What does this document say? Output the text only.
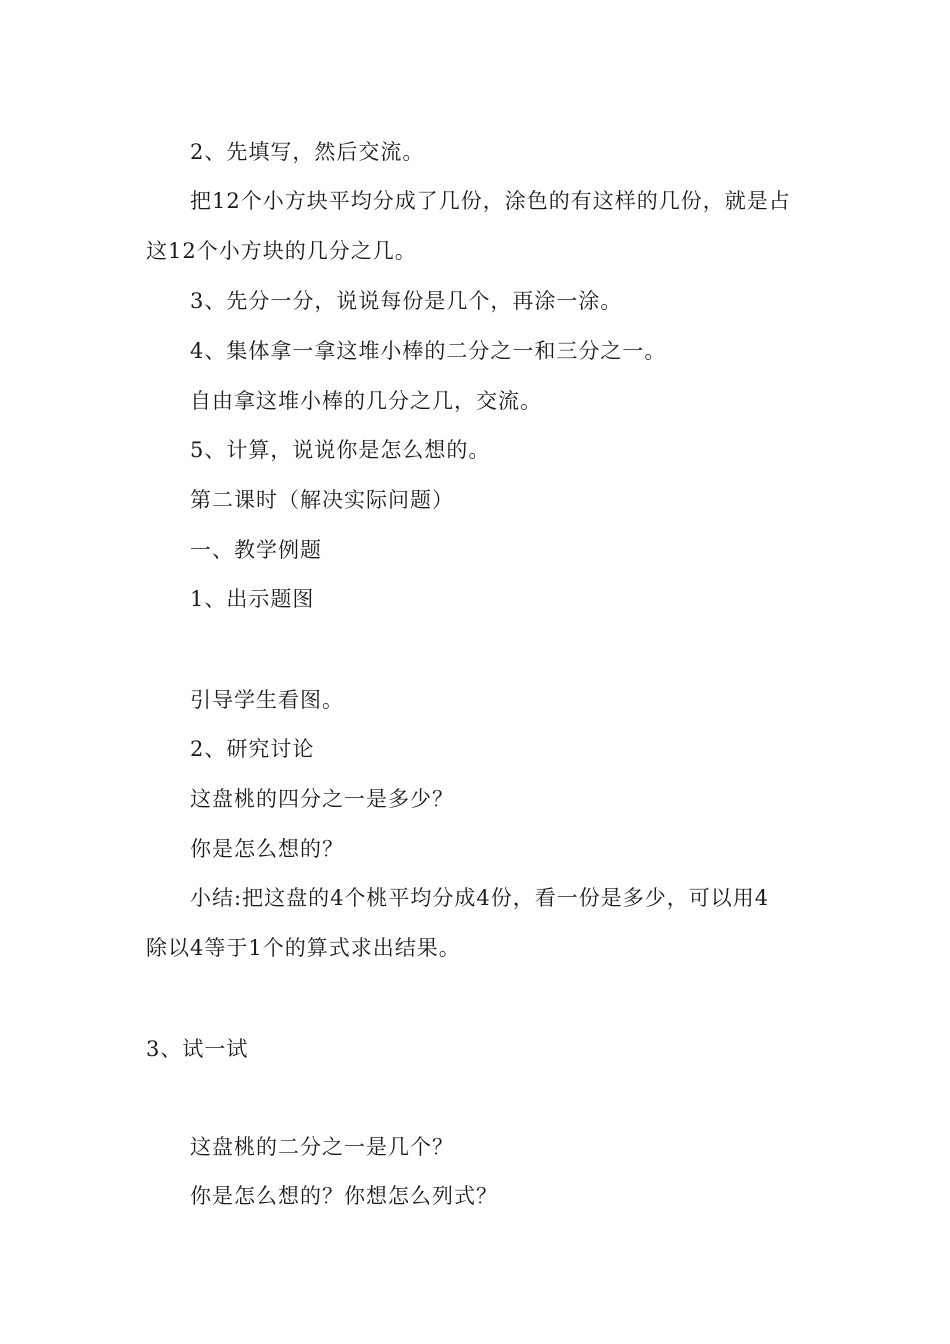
2、先填写，然后交流。
把12个小方块平均分成了几份，涂色的有这样的几份，就是占
这12个小方块的几分之几。
3、先分一分，说说每份是几个，再涂一涂。
4、集体拿一拿这堆小棒的二分之一和三分之一。
自由拿这堆小棒的几分之几，交流。
5、计算，说说你是怎么想的。
第二课时（解决实际问题）
一、教学例题
1、出示题图
引导学生看图。
2、研究讨论
这盘桃的四分之一是多少？
你是怎么想的？
小结:把这盘的4个桃平均分成4份，看一份是多少，可以用4
除以4等于1个的算式求出结果。
3、试一试
这盘桃的二分之一是几个？
你是怎么想的？你想怎么列式？
